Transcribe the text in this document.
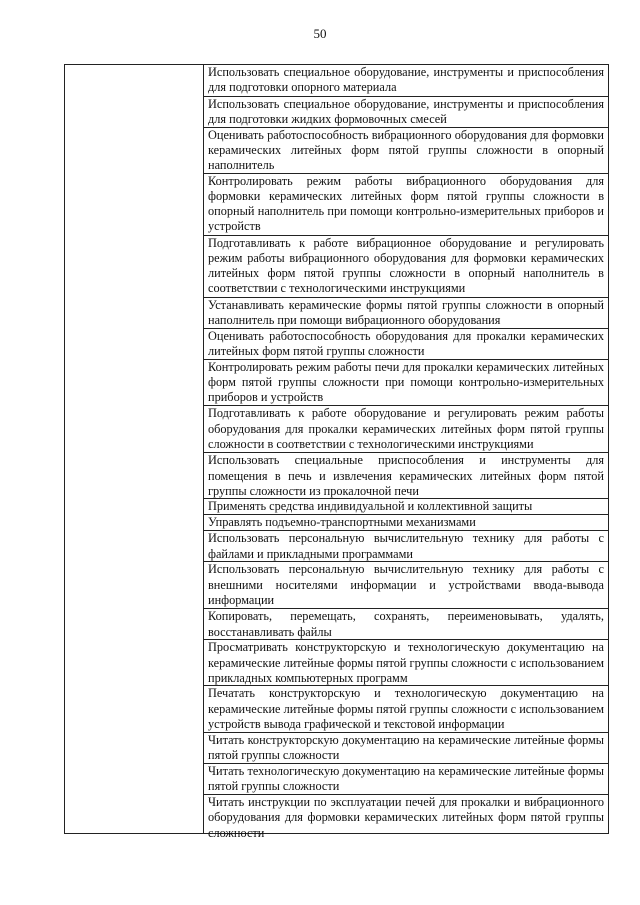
50
Использовать специальное оборудование, инструменты и приспособления для подготовки опорного материала
Использовать специальное оборудование, инструменты и приспособления для подготовки жидких формовочных смесей
Оценивать работоспособность вибрационного оборудования для формовки керамических литейных форм пятой группы сложности в опорный наполнитель
Контролировать режим работы вибрационного оборудования для формовки керамических литейных форм пятой группы сложности в опорный наполнитель при помощи контрольно-измерительных приборов и устройств
Подготавливать к работе вибрационное оборудование и регулировать режим работы вибрационного оборудования для формовки керамических литейных форм пятой группы сложности в опорный наполнитель в соответствии с технологическими инструкциями
Устанавливать керамические формы пятой группы сложности в опорный наполнитель при помощи вибрационного оборудования
Оценивать работоспособность оборудования для прокалки керамических литейных форм пятой группы сложности
Контролировать режим работы печи для прокалки керамических литейных форм пятой группы сложности при помощи контрольно-измерительных приборов и устройств
Подготавливать к работе оборудование и регулировать режим работы оборудования для прокалки керамических литейных форм пятой группы сложности в соответствии с технологическими инструкциями
Использовать специальные приспособления и инструменты для помещения в печь и извлечения керамических литейных форм пятой группы сложности из прокалочной печи
Применять средства индивидуальной и коллективной защиты
Управлять подъемно-транспортными механизмами
Использовать персональную вычислительную технику для работы с файлами и прикладными программами
Использовать персональную вычислительную технику для работы с внешними носителями информации и устройствами ввода-вывода информации
Копировать, перемещать, сохранять, переименовывать, удалять, восстанавливать файлы
Просматривать конструкторскую и технологическую документацию на керамические литейные формы пятой группы сложности с использованием прикладных компьютерных программ
Печатать конструкторскую и технологическую документацию на керамические литейные формы пятой группы сложности с использованием устройств вывода графической и текстовой информации
Читать конструкторскую документацию на керамические литейные формы пятой группы сложности
Читать технологическую документацию на керамические литейные формы пятой группы сложности
Читать инструкции по эксплуатации печей для прокалки и вибрационного оборудования для формовки керамических литейных форм пятой группы сложности
